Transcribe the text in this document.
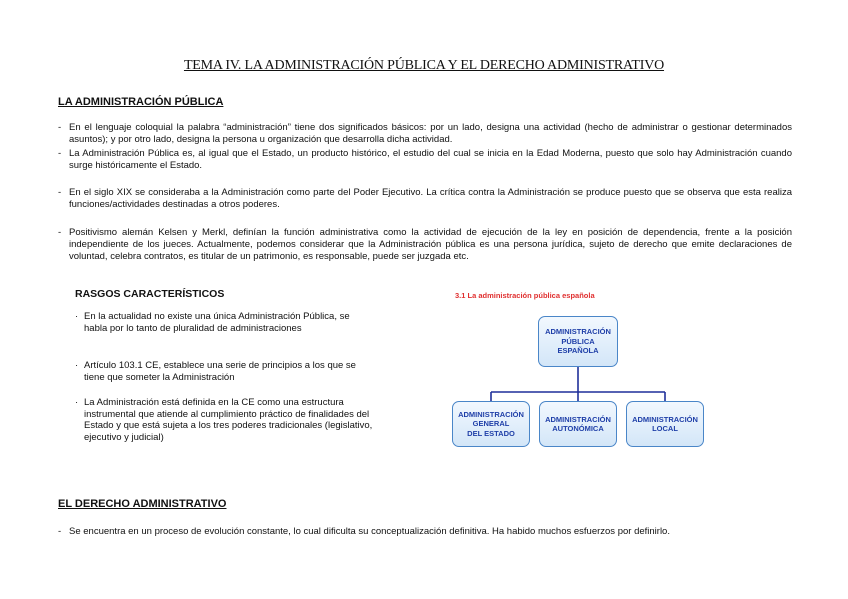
TEMA IV. LA ADMINISTRACIÓN PÚBLICA Y EL DERECHO ADMINISTRATIVO
LA ADMINISTRACIÓN PÚBLICA
- En el lenguaje coloquial la palabra “administración” tiene dos significados básicos: por un lado, designa una actividad (hecho de administrar o gestionar determinados asuntos); y por otro lado, designa la persona u organización que desarrolla dicha actividad.
- La Administración Pública es, al igual que el Estado, un producto histórico, el estudio del cual se inicia en la Edad Moderna, puesto que solo hay Administración cuando surge históricamente el Estado.
- En el siglo XIX se consideraba a la Administración como parte del Poder Ejecutivo. La crítica contra la Administración se produce puesto que se observa que esta realiza funciones/actividades destinadas a otros poderes.
- Positivismo alemán Kelsen y Merkl, definían la función administrativa como la actividad de ejecución de la ley en posición de dependencia, frente a la posición independiente de los jueces. Actualmente, podemos considerar que la Administración pública es una persona jurídica, sujeto de derecho que emite declaraciones de voluntad, celebra contratos, es titular de un patrimonio, es responsable, puede ser juzgada etc.
RASGOS CARACTERÍSTICOS
· En la actualidad no existe una única Administración Pública, se habla por lo tanto de pluralidad de administraciones
· Artículo 103.1 CE, establece una serie de principios a los que se tiene que someter la Administración
· La Administración está definida en la CE como una estructura instrumental que atiende al cumplimiento práctico de finalidades del Estado y que está sujeta a los tres poderes tradicionales (legislativo, ejecutivo y judicial)
3.1 La administración pública española
ADMINISTRACIÓN
PÚBLICA
ESPAÑOLA
ADMINISTRACIÓN
GENERAL
DEL ESTADO
ADMINISTRACIÓN
AUTONÓMICA
ADMINISTRACIÓN
LOCAL
EL DERECHO ADMINISTRATIVO
- Se encuentra en un proceso de evolución constante, lo cual dificulta su conceptualización definitiva. Ha habido muchos esfuerzos por definirlo.
